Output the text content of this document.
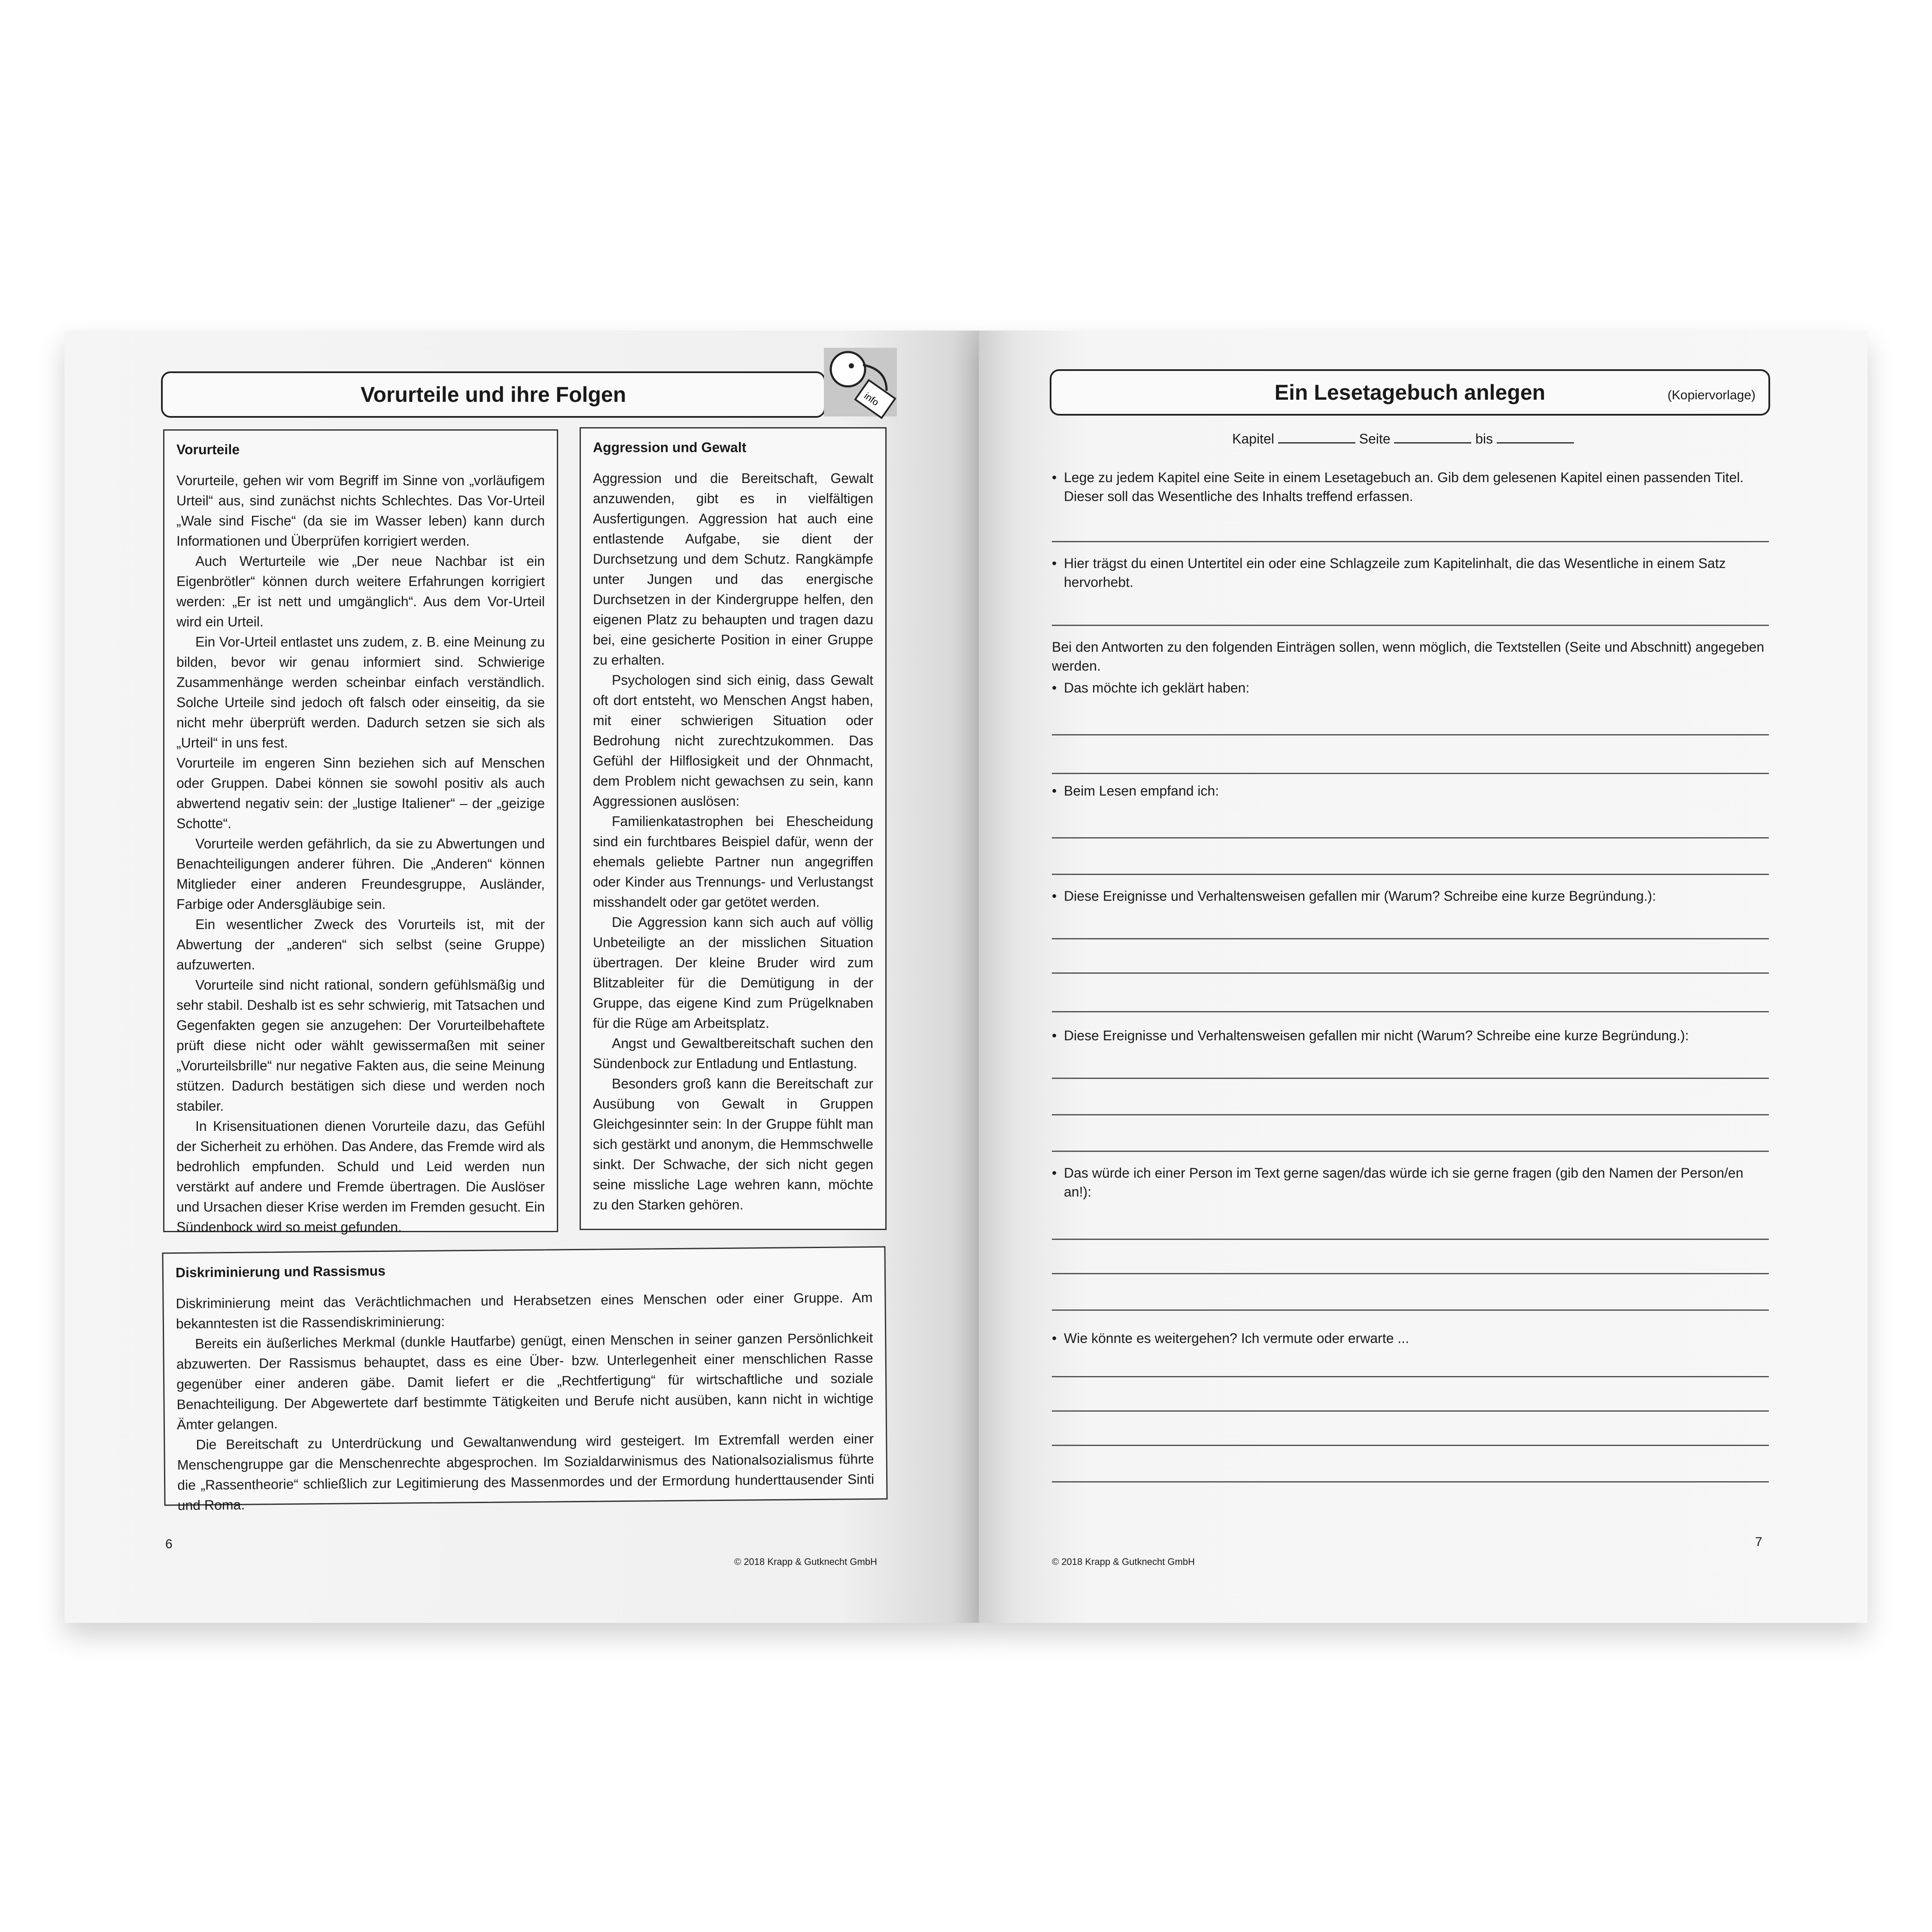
Vorurteile und ihre Folgen	info
Vorurteile

Vorurteile, gehen wir vom Begriff im Sinne von „vorläufigem Urteil“ aus, sind zunächst nichts Schlechtes. Das Vor-Urteil „Wale sind Fische“ (da sie im Wasser leben) kann durch Informationen und Überprüfen korrigiert werden.

Auch Werturteile wie „Der neue Nachbar ist ein Eigenbrötler“ können durch weitere Erfahrungen korrigiert werden: „Er ist nett und umgänglich“. Aus dem Vor-Urteil wird ein Urteil.

Ein Vor-Urteil entlastet uns zudem, z. B. eine Meinung zu bilden, bevor wir genau informiert sind. Schwierige Zusammenhänge werden scheinbar einfach verständlich. Solche Urteile sind jedoch oft falsch oder einseitig, da sie nicht mehr überprüft werden. Dadurch setzen sie sich als „Urteil“ in uns fest.

Vorurteile im engeren Sinn beziehen sich auf Menschen oder Gruppen. Dabei können sie sowohl positiv als auch abwertend negativ sein: der „lustige Italiener“ – der „geizige Schotte“.

Vorurteile werden gefährlich, da sie zu Abwertungen und Benachteiligungen anderer führen. Die „Anderen“ können Mitglieder einer anderen Freundesgruppe, Ausländer, Farbige oder Andersgläubige sein.

Ein wesentlicher Zweck des Vorurteils ist, mit der Abwertung der „anderen“ sich selbst (seine Gruppe) aufzuwerten.

Vorurteile sind nicht rational, sondern gefühlsmäßig und sehr stabil. Deshalb ist es sehr schwierig, mit Tatsachen und Gegenfakten gegen sie anzugehen: Der Vorurteilbehaftete prüft diese nicht oder wählt gewissermaßen mit seiner „Vorurteilsbrille“ nur negative Fakten aus, die seine Meinung stützen. Dadurch bestätigen sich diese und werden noch stabiler.

In Krisensituationen dienen Vorurteile dazu, das Gefühl der Sicherheit zu erhöhen. Das Andere, das Fremde wird als bedrohlich empfunden. Schuld und Leid werden nun verstärkt auf andere und Fremde übertragen. Die Auslöser und Ursachen dieser Krise werden im Fremden gesucht. Ein Sündenbock wird so meist gefunden.

Aggression und Gewalt

Aggression und die Bereitschaft, Gewalt anzuwenden, gibt es in vielfältigen Ausfertigungen. Aggression hat auch eine entlastende Aufgabe, sie dient der Durchsetzung und dem Schutz. Rangkämpfe unter Jungen und das energische Durchsetzen in der Kindergruppe helfen, den eigenen Platz zu behaupten und tragen dazu bei, eine gesicherte Position in einer Gruppe zu erhalten.

Psychologen sind sich einig, dass Gewalt oft dort entsteht, wo Menschen Angst haben, mit einer schwierigen Situation oder Bedrohung nicht zurechtzukommen. Das Gefühl der Hilflosigkeit und der Ohnmacht, dem Problem nicht gewachsen zu sein, kann Aggressionen auslösen:

Familienkatastrophen bei Ehescheidung sind ein furchtbares Beispiel dafür, wenn der ehemals geliebte Partner nun angegriffen oder Kinder aus Trennungs- und Verlustangst misshandelt oder gar getötet werden.

Die Aggression kann sich auch auf völlig Unbeteiligte an der misslichen Situation übertragen. Der kleine Bruder wird zum Blitzableiter für die Demütigung in der Gruppe, das eigene Kind zum Prügelknaben für die Rüge am Arbeitsplatz.

Angst und Gewaltbereitschaft suchen den Sündenbock zur Entladung und Entlastung.

Besonders groß kann die Bereitschaft zur Ausübung von Gewalt in Gruppen Gleichgesinnter sein: In der Gruppe fühlt man sich gestärkt und anonym, die Hemmschwelle sinkt. Der Schwache, der sich nicht gegen seine missliche Lage wehren kann, möchte zu den Starken gehören.

Diskriminierung und Rassismus

Diskriminierung meint das Verächtlichmachen und Herabsetzen eines Menschen oder einer Gruppe. Am bekanntesten ist die Rassendiskriminierung:

Bereits ein äußerliches Merkmal (dunkle Hautfarbe) genügt, einen Menschen in seiner ganzen Persönlichkeit abzuwerten. Der Rassismus behauptet, dass es eine Über- bzw. Unterlegenheit einer menschlichen Rasse gegenüber einer anderen gäbe. Damit liefert er die „Rechtfertigung“ für wirtschaftliche und soziale Benachteiligung. Der Abgewertete darf bestimmte Tätigkeiten und Berufe nicht ausüben, kann nicht in wichtige Ämter gelangen.

Die Bereitschaft zu Unterdrückung und Gewaltanwendung wird gesteigert. Im Extremfall werden einer Menschengruppe gar die Menschenrechte abgesprochen. Im Sozialdarwinismus des Nationalsozialismus führte die „Rassentheorie“ schließlich zur Legitimierung des Massenmordes und der Ermordung hunderttausender Sinti und Roma.

6
© 2018 Krapp & Gutknecht GmbH
Ein Lesetagebuch anlegen	(Kopiervorlage)
Kapitel	Seite	bis
• Lege zu jedem Kapitel eine Seite in einem Lesetagebuch an. Gib dem gelesenen Kapitel einen passenden Titel. Dieser soll das Wesentliche des Inhalts treffend erfassen.
• Hier trägst du einen Untertitel ein oder eine Schlagzeile zum Kapitelinhalt, die das Wesentliche in einem Satz hervorhebt.
Bei den Antworten zu den folgenden Einträgen sollen, wenn möglich, die Textstellen (Seite und Abschnitt) angegeben werden.
• Das möchte ich geklärt haben:
• Beim Lesen empfand ich:
• Diese Ereignisse und Verhaltensweisen gefallen mir (Warum? Schreibe eine kurze Begründung.):
• Diese Ereignisse und Verhaltensweisen gefallen mir nicht (Warum? Schreibe eine kurze Begründung.):
• Das würde ich einer Person im Text gerne sagen/das würde ich sie gerne fragen (gib den Namen der Person/en an!):
• Wie könnte es weitergehen? Ich vermute oder erwarte ...
© 2018 Krapp & Gutknecht GmbH
7
